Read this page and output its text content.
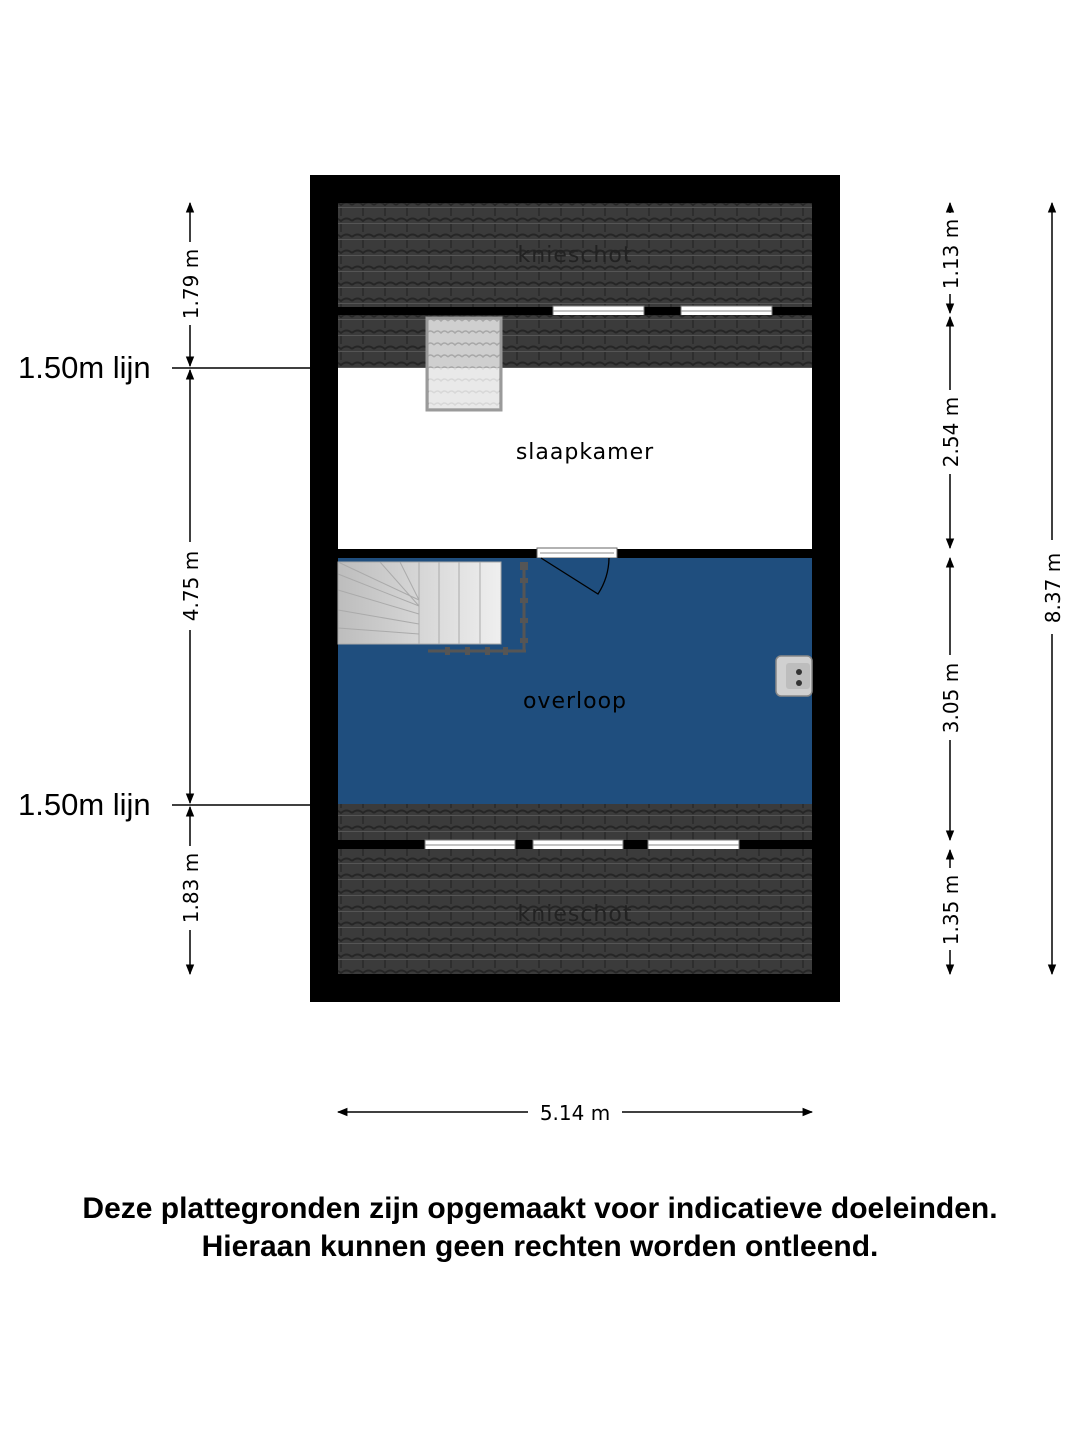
knieschot
slaapkamer
overloop
knieschot
1.50m lijn
1.50m lijn
1.79 m
4.75 m
1.83 m
1.13 m
2.54 m
3.05 m
1.35 m
8.37 m
5.14 m
Deze plattegronden zijn opgemaakt voor indicatieve doeleinden.
Hieraan kunnen geen rechten worden ontleend.
